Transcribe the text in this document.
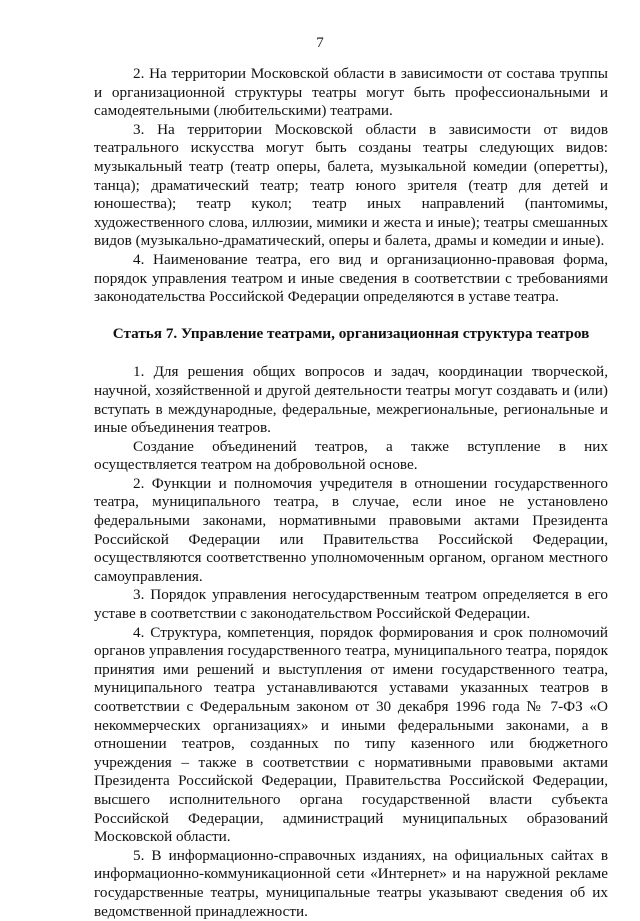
7

2. На территории Московской области в зависимости от состава труппы и организационной структуры театры могут быть профессиональными и самодеятельными (любительскими) театрами.

3. На территории Московской области в зависимости от видов театрального искусства могут быть созданы театры следующих видов: музыкальный театр (театр оперы, балета, музыкальной комедии (оперетты), танца); драматический театр; театр юного зрителя (театр для детей и юношества); театр кукол; театр иных направлений (пантомимы, художественного слова, иллюзии, мимики и жеста и иные); театры смешанных видов (музыкально-драматический, оперы и балета, драмы и комедии и иные).

4. Наименование театра, его вид и организационно-правовая форма, порядок управления театром и иные сведения в соответствии с требованиями законодательства Российской Федерации определяются в уставе театра.

Статья 7. Управление театрами, организационная структура театров

1. Для решения общих вопросов и задач, координации творческой, научной, хозяйственной и другой деятельности театры могут создавать и (или) вступать в международные, федеральные, межрегиональные, региональные и иные объединения театров.

Создание объединений театров, а также вступление в них осуществляется театром на добровольной основе.

2. Функции и полномочия учредителя в отношении государственного театра, муниципального театра, в случае, если иное не установлено федеральными законами, нормативными правовыми актами Президента Российской Федерации или Правительства Российской Федерации, осуществляются соответственно уполномоченным органом, органом местного самоуправления.

3. Порядок управления негосударственным театром определяется в его уставе в соответствии с законодательством Российской Федерации.

4. Структура, компетенция, порядок формирования и срок полномочий органов управления государственного театра, муниципального театра, порядок принятия ими решений и выступления от имени государственного театра, муниципального театра устанавливаются уставами указанных театров в соответствии с Федеральным законом от 30 декабря 1996 года № 7-ФЗ «О некоммерческих организациях» и иными федеральными законами, а в отношении театров, созданных по типу казенного или бюджетного учреждения – также в соответствии с нормативными правовыми актами Президента Российской Федерации, Правительства Российской Федерации, высшего исполнительного органа государственной власти субъекта Российской Федерации, администраций муниципальных образований Московской области.

5. В информационно-справочных изданиях, на официальных сайтах в информационно-коммуникационной сети «Интернет» и на наружной рекламе государственные театры, муниципальные театры указывают сведения об их ведомственной принадлежности.
